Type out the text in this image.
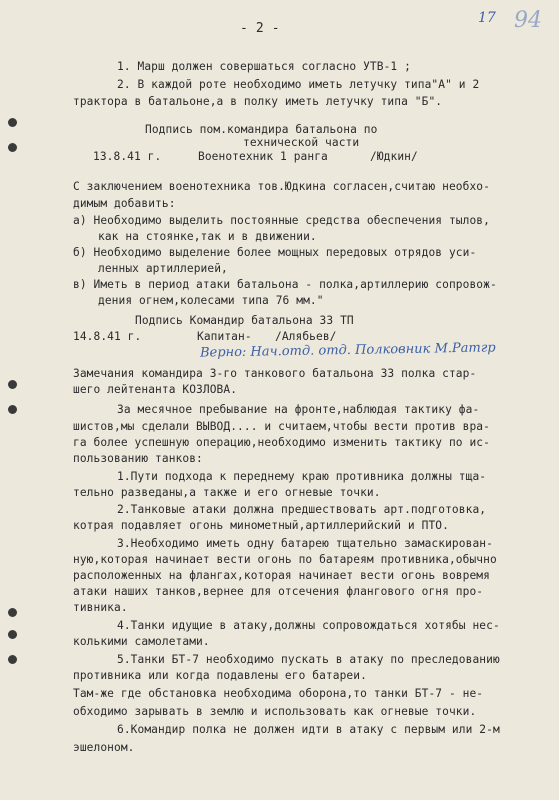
- 2 -
17 94
1. Марш должен совершаться согласно УТВ-1 ;
2. В каждой роте необходимо иметь летучку типа"А" и 2
трактора в батальоне,а в полку иметь летучку типа "Б".
Подпись пом.командира батальона по
технической части
13.8.41 г.	Военотехник 1 ранга	/Юдкин/
С заключением военотехника тов.Юдкина согласен,считаю необхо-
димым добавить:
а) Необходимо выделить постоянные средства обеспечения тылов,
как на стоянке,так и в движении.
б) Необходимо выделение более мощных передовых отрядов уси-
ленных артиллерией,
в) Иметь в период атаки батальона - полка,артиллерию сопровож-
дения огнем,колесами типа 76 мм."
Подпись Командир батальона 33 ТП
14.8.41 г.	Капитан- /Алябьев/
Верно: Нач.отд. отд. Полковник М.Ратгр
Замечания командира 3-го танкового батальона 33 полка стар-
шего лейтенанта КОЗЛОВА.
За месячное пребывание на фронте,наблюдая тактику фа-
шистов,мы сделали ВЫВОД.... и считаем,чтобы вести против вра-
га более успешную операцию,необходимо изменить тактику по ис-
пользованию танков:
1.Пути подхода к переднему краю противника должны тща-
тельно разведаны,а также и его огневые точки.
2.Танковые атаки должна предшествовать арт.подготовка,
котрая подавляет огонь минометный,артиллерийский и ПТО.
3.Необходимо иметь одну батарею тщательно замаскирован-
ную,которая начинает вести огонь по батареям противника,обычно
расположенных на флангах,которая начинает вести огонь вовремя
атаки наших танков,вернее для отсечения флангового огня про-
тивника.
4.Танки идущие в атаку,должны сопровождаться хотябы нес-
колькими самолетами.
5.Танки БТ-7 необходимо пускать в атаку по преследованию
противника или когда подавлены его батареи.
Там-же где обстановка необходима оборона,то танки БТ-7 - не-
обходимо зарывать в землю и использовать как огневые точки.
6.Командир полка не должен идти в атаку с первым или 2-м
эшелоном.
